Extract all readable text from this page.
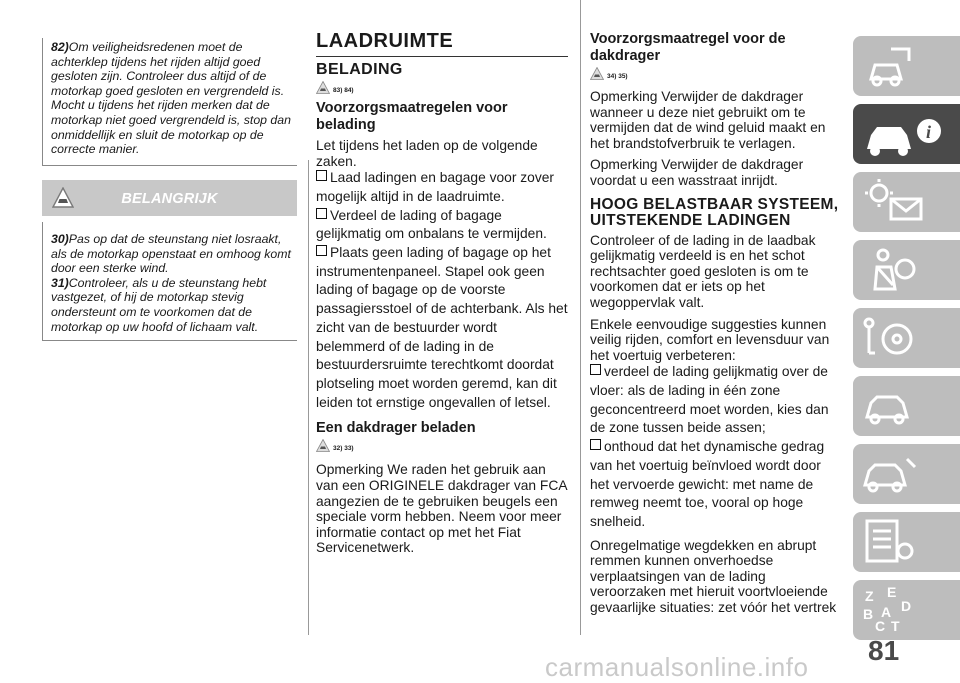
82)Om veiligheidsredenen moet de achterklep tijdens het rijden altijd goed gesloten zijn. Controleer dus altijd of de motorkap goed gesloten en vergrendeld is. Mocht u tijdens het rijden merken dat de motorkap niet goed vergrendeld is, stop dan onmiddellijk en sluit de motorkap op de correcte manier.
BELANGRIJK
30)Pas op dat de steunstang niet losraakt, als de motorkap openstaat en omhoog komt door een sterke wind.
31)Controleer, als u de steunstang hebt vastgezet, of hij de motorkap stevig ondersteunt om te voorkomen dat de motorkap op uw hoofd of lichaam valt.
LAADRUIMTE
BELADING
83) 84)
Voorzorgsmaatregelen voor belading

Let tijdens het laden op de volgende zaken.

Laad ladingen en bagage voor zover mogelijk altijd in de laadruimte.

Verdeel de lading of bagage gelijkmatig om onbalans te vermijden.

Plaats geen lading of bagage op het instrumentenpaneel. Stapel ook geen lading of bagage op de voorste passagiersstoel of de achterbank. Als het zicht van de bestuurder wordt belemmerd of de lading in de bestuurdersruimte terechtkomt doordat plotseling moet worden geremd, kan dit leiden tot ernstige ongevallen of letsel.

Een dakdrager beladen
32) 33)

Opmerking We raden het gebruik aan van een ORIGINELE dakdrager van FCA aangezien de te gebruiken beugels een speciale vorm hebben. Neem voor meer informatie contact op met het Fiat Servicenetwerk.

Voorzorgsmaatregel voor de dakdrager
34) 35)

Opmerking Verwijder de dakdrager wanneer u deze niet gebruikt om te vermijden dat de wind geluid maakt en het brandstofverbruik te verlagen.

Opmerking Verwijder de dakdrager voordat u een wasstraat inrijdt.

HOOG BELASTBAAR SYSTEEM, UITSTEKENDE LADINGEN

Controleer of de lading in de laadbak gelijkmatig verdeeld is en het schot rechtsachter goed gesloten is om te voorkomen dat er iets op het wegoppervlak valt.

Enkele eenvoudige suggesties kunnen veilig rijden, comfort en levensduur van het voertuig verbeteren:

verdeel de lading gelijkmatig over de vloer: als de lading in één zone geconcentreerd moet worden, kies dan de zone tussen beide assen;

onthoud dat het dynamische gedrag van het voertuig beïnvloed wordt door het vervoerde gewicht: met name de remweg neemt toe, vooral op hoge snelheid.

Onregelmatige wegdekken en abrupt remmen kunnen onverhoedse verplaatsingen van de lading veroorzaken met hieruit voortvloeiende gevaarlijke situaties: zet vóór het vertrek

i
Z E
B A D
C T
81
carmanualsonline.info
